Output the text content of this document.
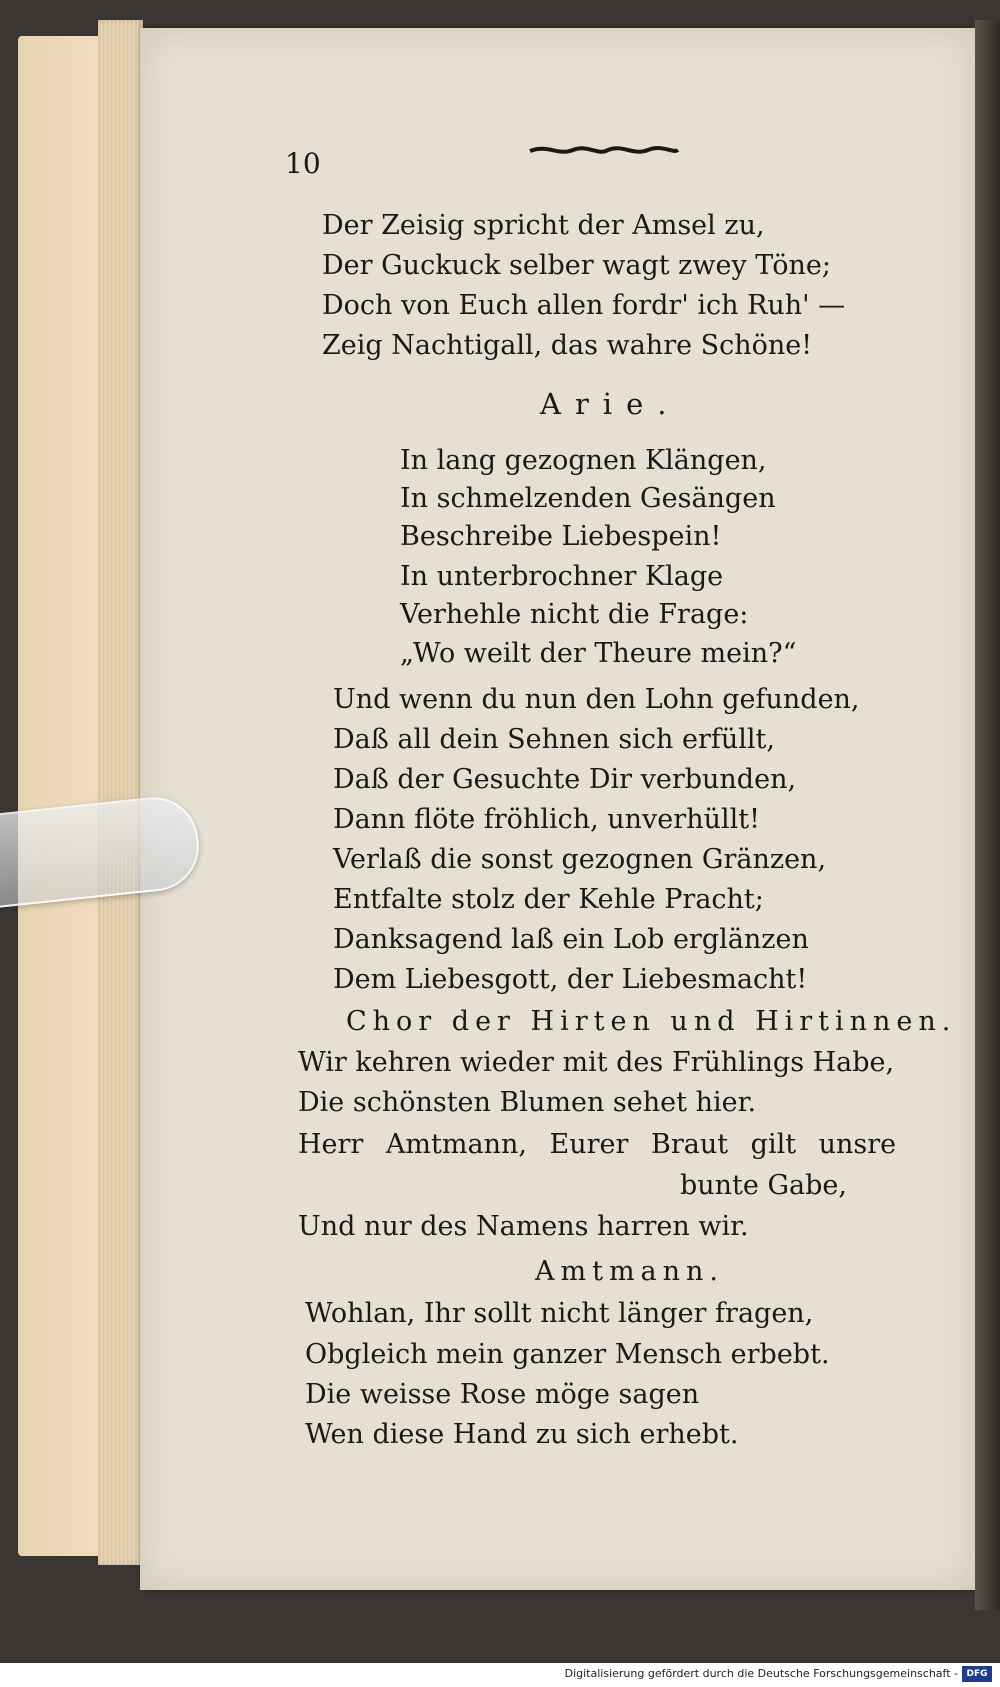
10
Der Zeisig spricht der Amsel zu,
Der Guckuck selber wagt zwey Töne;
Doch von Euch allen fordr' ich Ruh' —
Zeig Nachtigall, das wahre Schöne!
Arie.
In lang gezognen Klängen,
In schmelzenden Gesängen
Beschreibe Liebespein!
In unterbrochner Klage
Verhehle nicht die Frage:
„Wo weilt der Theure mein?“
Und wenn du nun den Lohn gefunden,
Daß all dein Sehnen sich erfüllt,
Daß der Gesuchte Dir verbunden,
Dann flöte fröhlich, unverhüllt!
Verlaß die sonst gezognen Gränzen,
Entfalte stolz der Kehle Pracht;
Danksagend laß ein Lob erglänzen
Dem Liebesgott, der Liebesmacht!
Chor der Hirten und Hirtinnen.
Wir kehren wieder mit des Frühlings Habe,
Die schönsten Blumen sehet hier.
Herr Amtmann, Eurer Braut gilt unsre
bunte Gabe,
Und nur des Namens harren wir.
Amtmann.
Wohlan, Ihr sollt nicht länger fragen,
Obgleich mein ganzer Mensch erbebt.
Die weisse Rose möge sagen
Wen diese Hand zu sich erhebt.
Digitalisierung gefördert durch die Deutsche Forschungsgemeinschaft - DFG
